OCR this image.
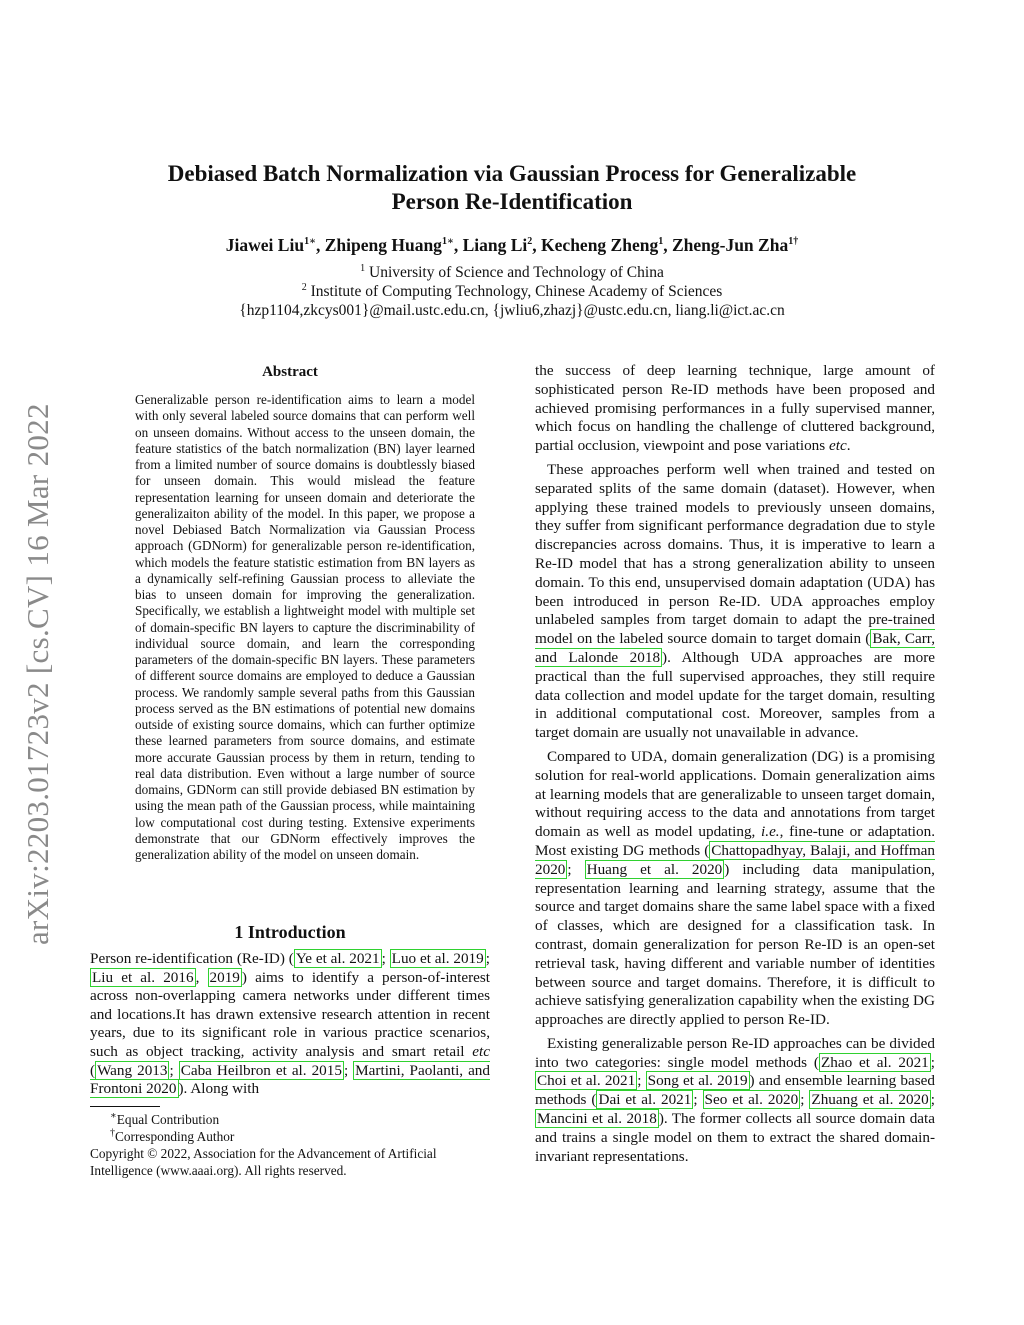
arXiv:2203.01723v2 [cs.CV] 16 Mar 2022
Debiased Batch Normalization via Gaussian Process for Generalizable
Person Re-Identification
Jiawei Liu$^{1∗}$, Zhipeng Huang$^{1∗}$, Liang Li$^2$, Kecheng Zheng$^1$, Zheng-Jun Zha$^{1\dagger}$
$^1$ University of Science and Technology of China
$^2$ Institute of Computing Technology, Chinese Academy of Sciences
{hzp1104,zkcys001}@mail.ustc.edu.cn, {jwliu6,zhazj}@ustc.edu.cn, liang.li@ict.ac.cn
Abstract

Generalizable person re-identification aims to learn a model with only several labeled source domains that can perform well on unseen domains. Without access to the unseen domain, the feature statistics of the batch normalization (BN) layer learned from a limited number of source domains is doubtlessly biased for unseen domain. This would mislead the feature representation learning for unseen domain and deteriorate the generalizaiton ability of the model. In this paper, we propose a novel Debiased Batch Normalization via Gaussian Process approach (GDNorm) for generalizable person re-identification, which models the feature statistic estimation from BN layers as a dynamically self-refining Gaussian process to alleviate the bias to unseen domain for improving the generalization. Specifically, we establish a lightweight model with multiple set of domain-specific BN layers to capture the discriminability of individual source domain, and learn the corresponding parameters of the domain-specific BN layers. These parameters of different source domains are employed to deduce a Gaussian process. We randomly sample several paths from this Gaussian process served as the BN estimations of potential new domains outside of existing source domains, which can further optimize these learned parameters from source domains, and estimate more accurate Gaussian process by them in return, tending to real data distribution. Even without a large number of source domains, GDNorm can still provide debiased BN estimation by using the mean path of the Gaussian process, while maintaining low computational cost during testing. Extensive experiments demonstrate that our GDNorm effectively improves the generalization ability of the model on unseen domain.

1 Introduction

Person re-identification (Re-ID) ( Ye et al. 2021 ; Luo et al. 2019 ; Liu et al. 2016 , 2019 ) aims to identify a person-of-interest across non-overlapping camera networks under different times and locations.It has drawn extensive research attention in recent years, due to its significant role in various practice scenarios, such as object tracking, activity analysis and smart retail etc ( Wang 2013 ; Caba Heilbron et al. 2015 ; Martini, Paolanti, and Frontoni 2020 ). Along with

∗Equal Contribution
†Corresponding Author
Copyright © 2022, Association for the Advancement of Artificial Intelligence (www.aaai.org). All rights reserved.

the success of deep learning technique, large amount of sophisticated person Re-ID methods have been proposed and achieved promising performances in a fully supervised manner, which focus on handling the challenge of cluttered background, partial occlusion, viewpoint and pose variations etc.

These approaches perform well when trained and tested on separated splits of the same domain (dataset). However, when applying these trained models to previously unseen domains, they suffer from significant performance degradation due to style discrepancies across domains. Thus, it is imperative to learn a Re-ID model that has a strong generalization ability to unseen domain. To this end, unsupervised domain adaptation (UDA) has been introduced in person Re-ID. UDA approaches employ unlabeled samples from target domain to adapt the pre-trained model on the labeled source domain to target domain ( Bak, Carr, and Lalonde 2018 ). Although UDA approaches are more practical than the full supervised approaches, they still require data collection and model update for the target domain, resulting in additional computational cost. Moreover, samples from a target domain are usually not unavailable in advance.

Compared to UDA, domain generalization (DG) is a promising solution for real-world applications. Domain generalization aims at learning models that are generalizable to unseen target domain, without requiring access to the data and annotations from target domain as well as model updating, i.e., fine-tune or adaptation. Most existing DG methods ( Chattopadhyay, Balaji, and Hoffman 2020 ; Huang et al. 2020 ) including data manipulation, representation learning and learning strategy, assume that the source and target domains share the same label space with a fixed of classes, which are designed for a classification task. In contrast, domain generalization for person Re-ID is an open-set retrieval task, having different and variable number of identities between source and target domains. Therefore, it is difficult to achieve satisfying generalization capability when the existing DG approaches are directly applied to person Re-ID.

Existing generalizable person Re-ID approaches can be divided into two categories: single model methods ( Zhao et al. 2021 ; Choi et al. 2021 ; Song et al. 2019 ) and ensemble learning based methods ( Dai et al. 2021 ; Seo et al. 2020 ; Zhuang et al. 2020 ; Mancini et al. 2018 ). The former collects all source domain data and trains a single model on them to extract the shared domain-invariant representations.
